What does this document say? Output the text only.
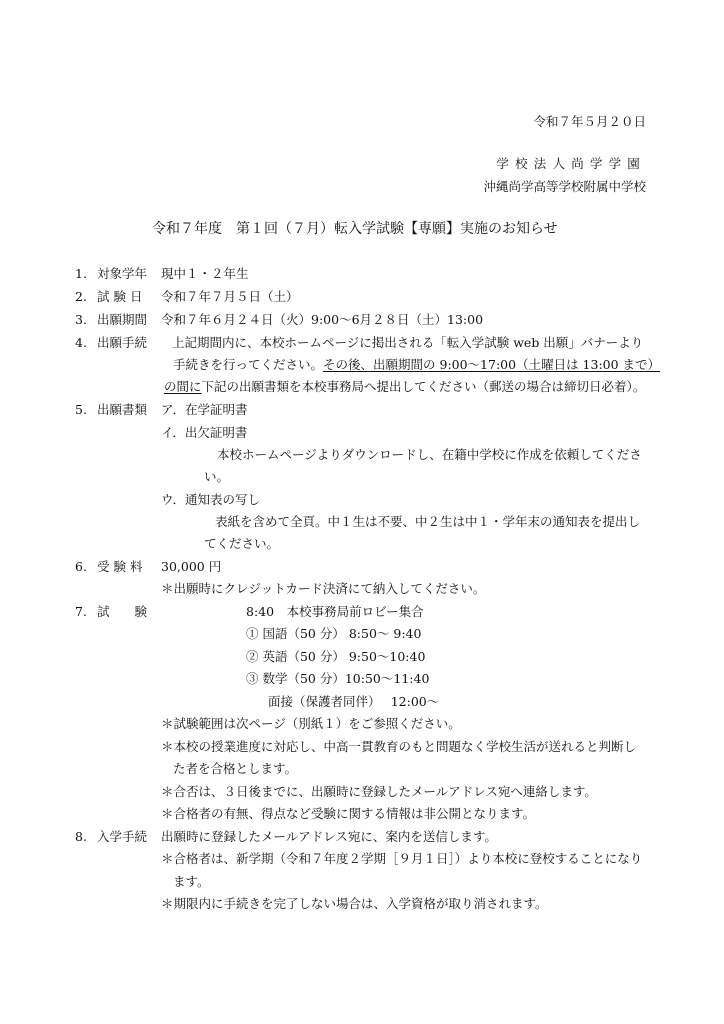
令和７年５月２０日
学校法人尚学学園
沖縄尚学高等学校附属中学校
令和７年度　第１回（７月）転入学試験【専願】実施のお知らせ
1. 対象学年 現中１・２年生
2. 試 験 日 令和７年７月５日（土）
3. 出願期間 令和７年６月２４日（火）9:00～6月２８日（土）13:00
4. 出願手続 上記期間内に、本校ホームページに掲出される「転入学試験 web 出願」バナーより
手続きを行ってください。その後、出願期間の 9:00～17:00（土曜日は 13:00 まで）
の間に下記の出願書類を本校事務局へ提出してください（郵送の場合は締切日必着）。
5. 出願書類 ア．在学証明書
イ．出欠証明書
本校ホームページよりダウンロードし、在籍中学校に作成を依頼してくださ
い。
ウ．通知表の写し
表紙を含めて全頁。中１生は不要、中２生は中１・学年末の通知表を提出し
てください。
6. 受 験 料 30,000 円
＊出願時にクレジットカード決済にて納入してください。
7. 試　　験	8:40　本校事務局前ロビー集合
① 国語（50 分） 8:50～ 9:40
② 英語（50 分） 9:50～10:40
③ 数学（50 分）10:50～11:40
面接（保護者同伴）　 12:00～
＊試験範囲は次ページ（別紙１）をご参照ください。
＊本校の授業進度に対応し、中高一貫教育のもと問題なく学校生活が送れると判断し
た者を合格とします。
＊合否は、３日後までに、出願時に登録したメールアドレス宛へ連絡します。
＊合格者の有無、得点など受験に関する情報は非公開となります。
8. 入学手続 出願時に登録したメールアドレス宛に、案内を送信します。
＊合格者は、新学期（令和７年度２学期［９月１日］）より本校に登校することになり
ます。
＊期限内に手続きを完了しない場合は、入学資格が取り消されます。
